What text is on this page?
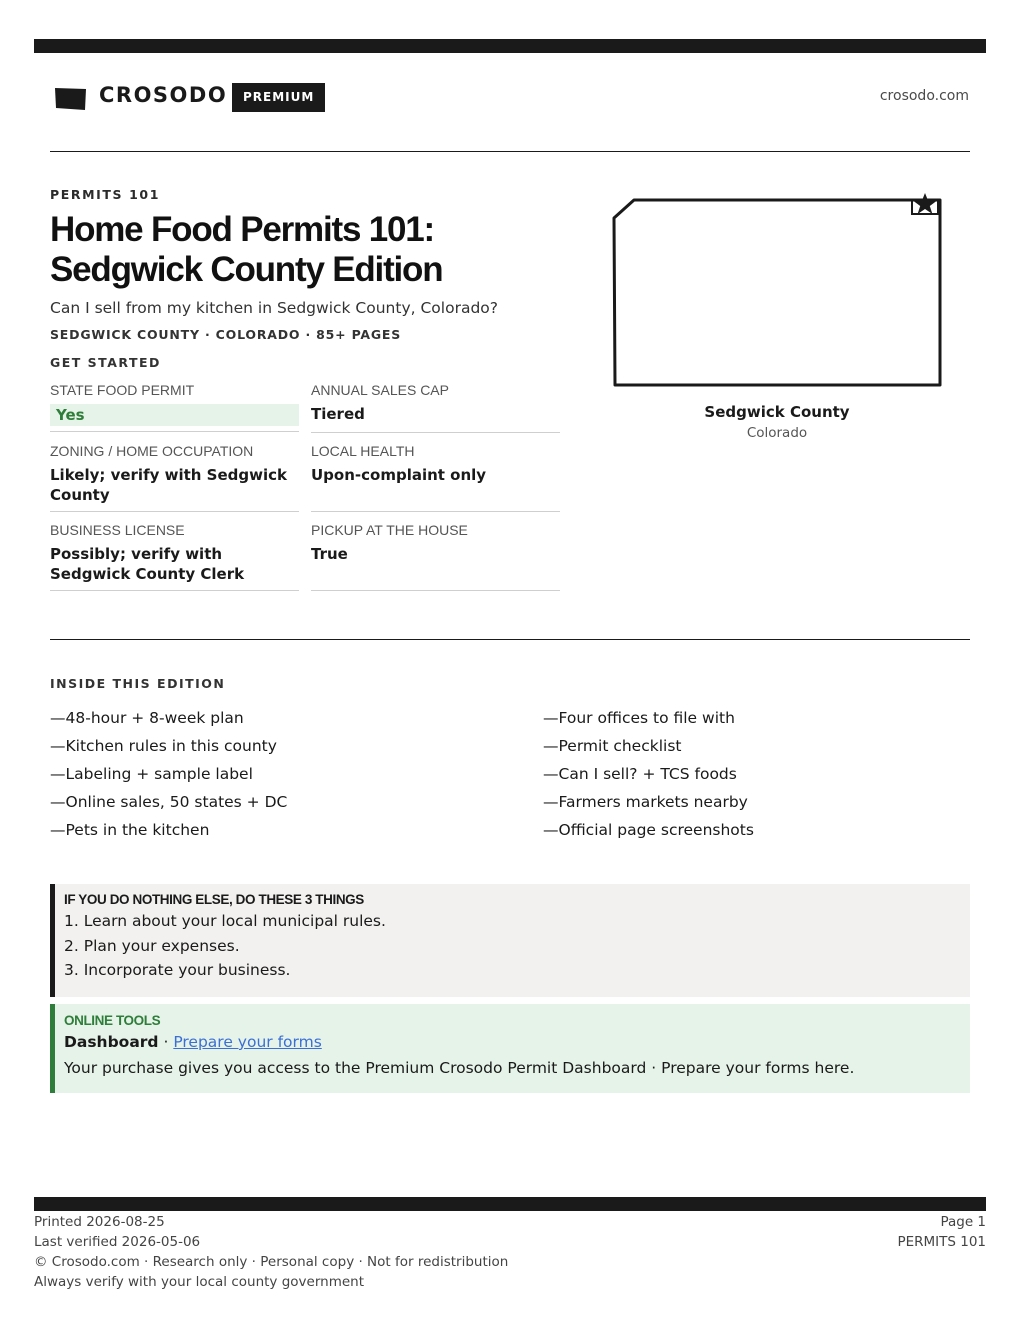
CROSODO	PREMIUM	crosodo.com
PERMITS 101
Home Food Permits 101:
Sedgwick County Edition
Can I sell from my kitchen in Sedgwick County, Colorado?
SEDGWICK COUNTY · COLORADO · 85+ PAGES
GET STARTED
STATE FOOD PERMIT
Yes
ANNUAL SALES CAP
Tiered
ZONING / HOME OCCUPATION
Likely; verify with Sedgwick County
LOCAL HEALTH
Upon-complaint only
BUSINESS LICENSE
Possibly; verify with Sedgwick County Clerk
PICKUP AT THE HOUSE
True
Sedgwick County
Colorado
INSIDE THIS EDITION
—48-hour + 8-week plan
—Kitchen rules in this county
—Labeling + sample label
—Online sales, 50 states + DC
—Pets in the kitchen
—Four offices to file with
—Permit checklist
—Can I sell? + TCS foods
—Farmers markets nearby
—Official page screenshots
IF YOU DO NOTHING ELSE, DO THESE 3 THINGS
1. Learn about your local municipal rules.
2. Plan your expenses.
3. Incorporate your business.
ONLINE TOOLS
Dashboard · Prepare your forms
Your purchase gives you access to the Premium Crosodo Permit Dashboard · Prepare your forms here.
Printed 2026-08-25
Last verified 2026-05-06
© Crosodo.com · Research only · Personal copy · Not for redistribution
Always verify with your local county government
Page 1
PERMITS 101
